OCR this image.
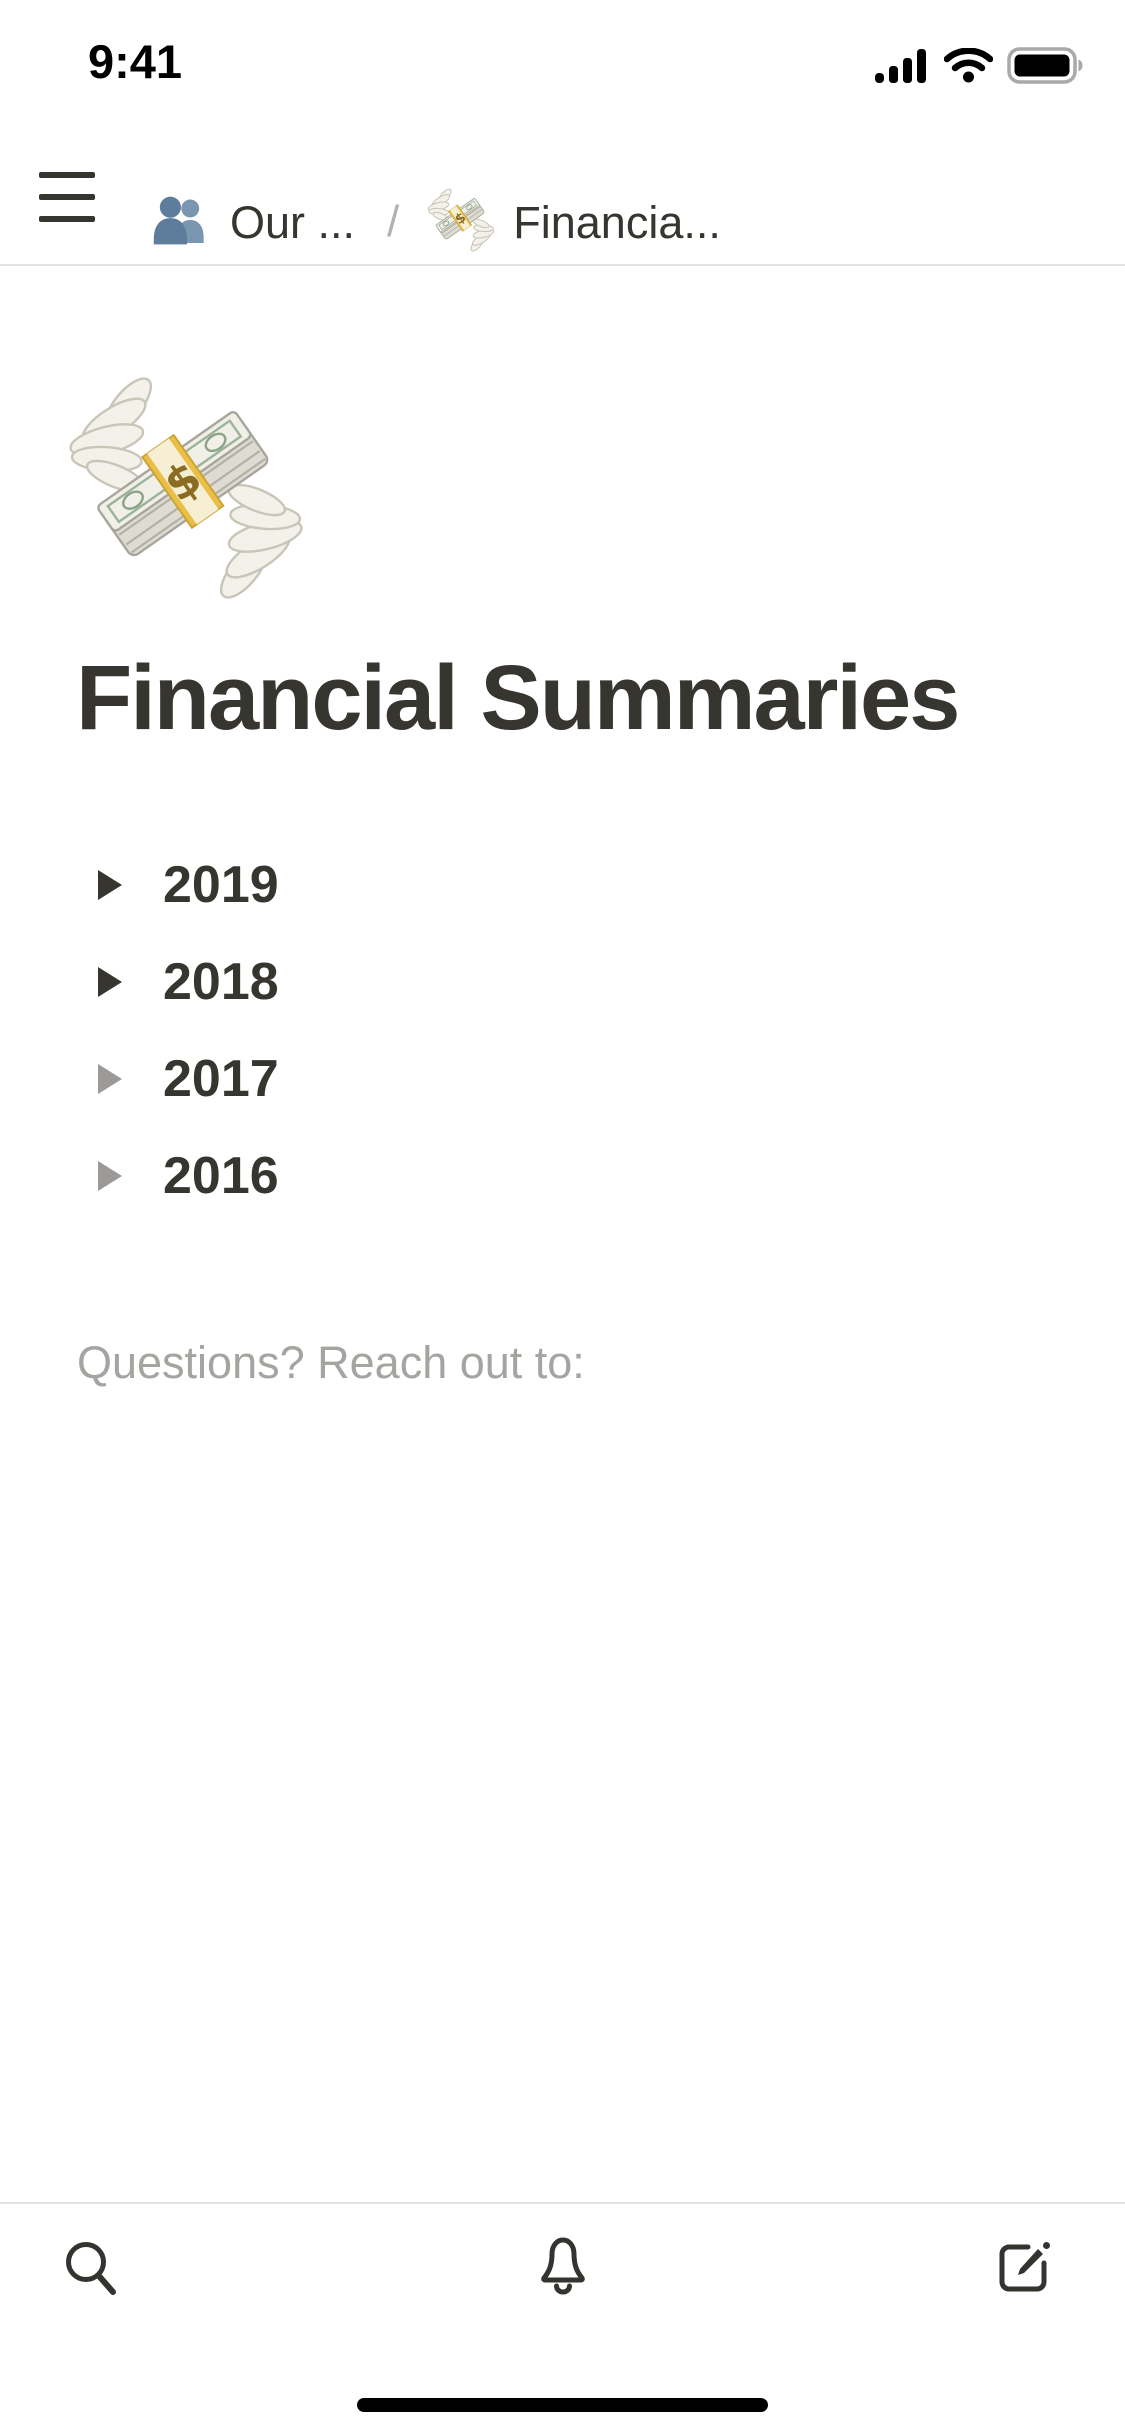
9:41
Our ... / $ Financia...
$
Financial Summaries
2019
2018
2017
2016
Questions? Reach out to:
